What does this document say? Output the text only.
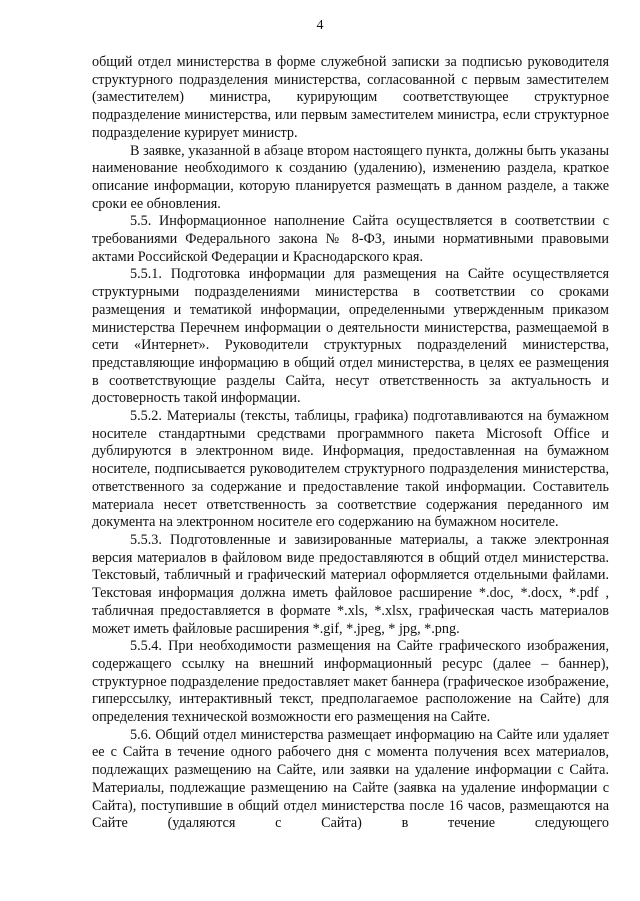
4

общий отдел министерства в форме служебной записки за подписью руководителя структурного подразделения министерства, согласованной с первым заместителем (заместителем) министра, курирующим соответствующее структурное подразделение министерства, или первым заместителем министра, если структурное подразделение курирует министр.

В заявке, указанной в абзаце втором настоящего пункта, должны быть указаны наименование необходимого к созданию (удалению), изменению раздела, краткое описание информации, которую планируется размещать в данном разделе, а также сроки ее обновления.

5.5. Информационное наполнение Сайта осуществляется в соответствии с требованиями Федерального закона № 8-ФЗ, иными нормативными правовыми актами Российской Федерации и Краснодарского края.

5.5.1. Подготовка информации для размещения на Сайте осуществляется структурными подразделениями министерства в соответствии со сроками размещения и тематикой информации, определенными утвержденным приказом министерства Перечнем информации о деятельности министерства, размещаемой в сети «Интернет». Руководители структурных подразделений министерства, представляющие информацию в общий отдел министерства, в целях ее размещения в соответствующие разделы Сайта, несут ответственность за актуальность и достоверность такой информации.

5.5.2. Материалы (тексты, таблицы, графика) подготавливаются на бумажном носителе стандартными средствами программного пакета Microsoft Office и дублируются в электронном виде. Информация, предоставленная на бумажном носителе, подписывается руководителем структурного подразделения министерства, ответственного за содержание и предоставление такой информации. Составитель материала несет ответственность за соответствие содержания переданного им документа на электронном носителе его содержанию на бумажном носителе.

5.5.3. Подготовленные и завизированные материалы, а также электронная версия материалов в файловом виде предоставляются в общий отдел министерства. Текстовый, табличный и графический материал оформляется отдельными файлами. Текстовая информация должна иметь файловое расширение *.doc, *.docx, *.pdf , табличная предоставляется в формате *.xls, *.xlsx, графическая часть материалов может иметь файловые расширения *.gif, *.jpeg, * jpg, *.png.

5.5.4. При необходимости размещения на Сайте графического изображения, содержащего ссылку на внешний информационный ресурс (далее – баннер), структурное подразделение предоставляет макет баннера (графическое изображение, гиперссылку, интерактивный текст, предполагаемое расположение на Сайте) для определения технической возможности его размещения на Сайте.

5.6. Общий отдел министерства размещает информацию на Сайте или удаляет ее с Сайта в течение одного рабочего дня с момента получения всех материалов, подлежащих размещению на Сайте, или заявки на удаление информации с Сайта. Материалы, подлежащие размещению на Сайте (заявка на удаление информации с Сайта), поступившие в общий отдел министерства после 16 часов, размещаются на Сайте (удаляются с Сайта) в течение следующего
